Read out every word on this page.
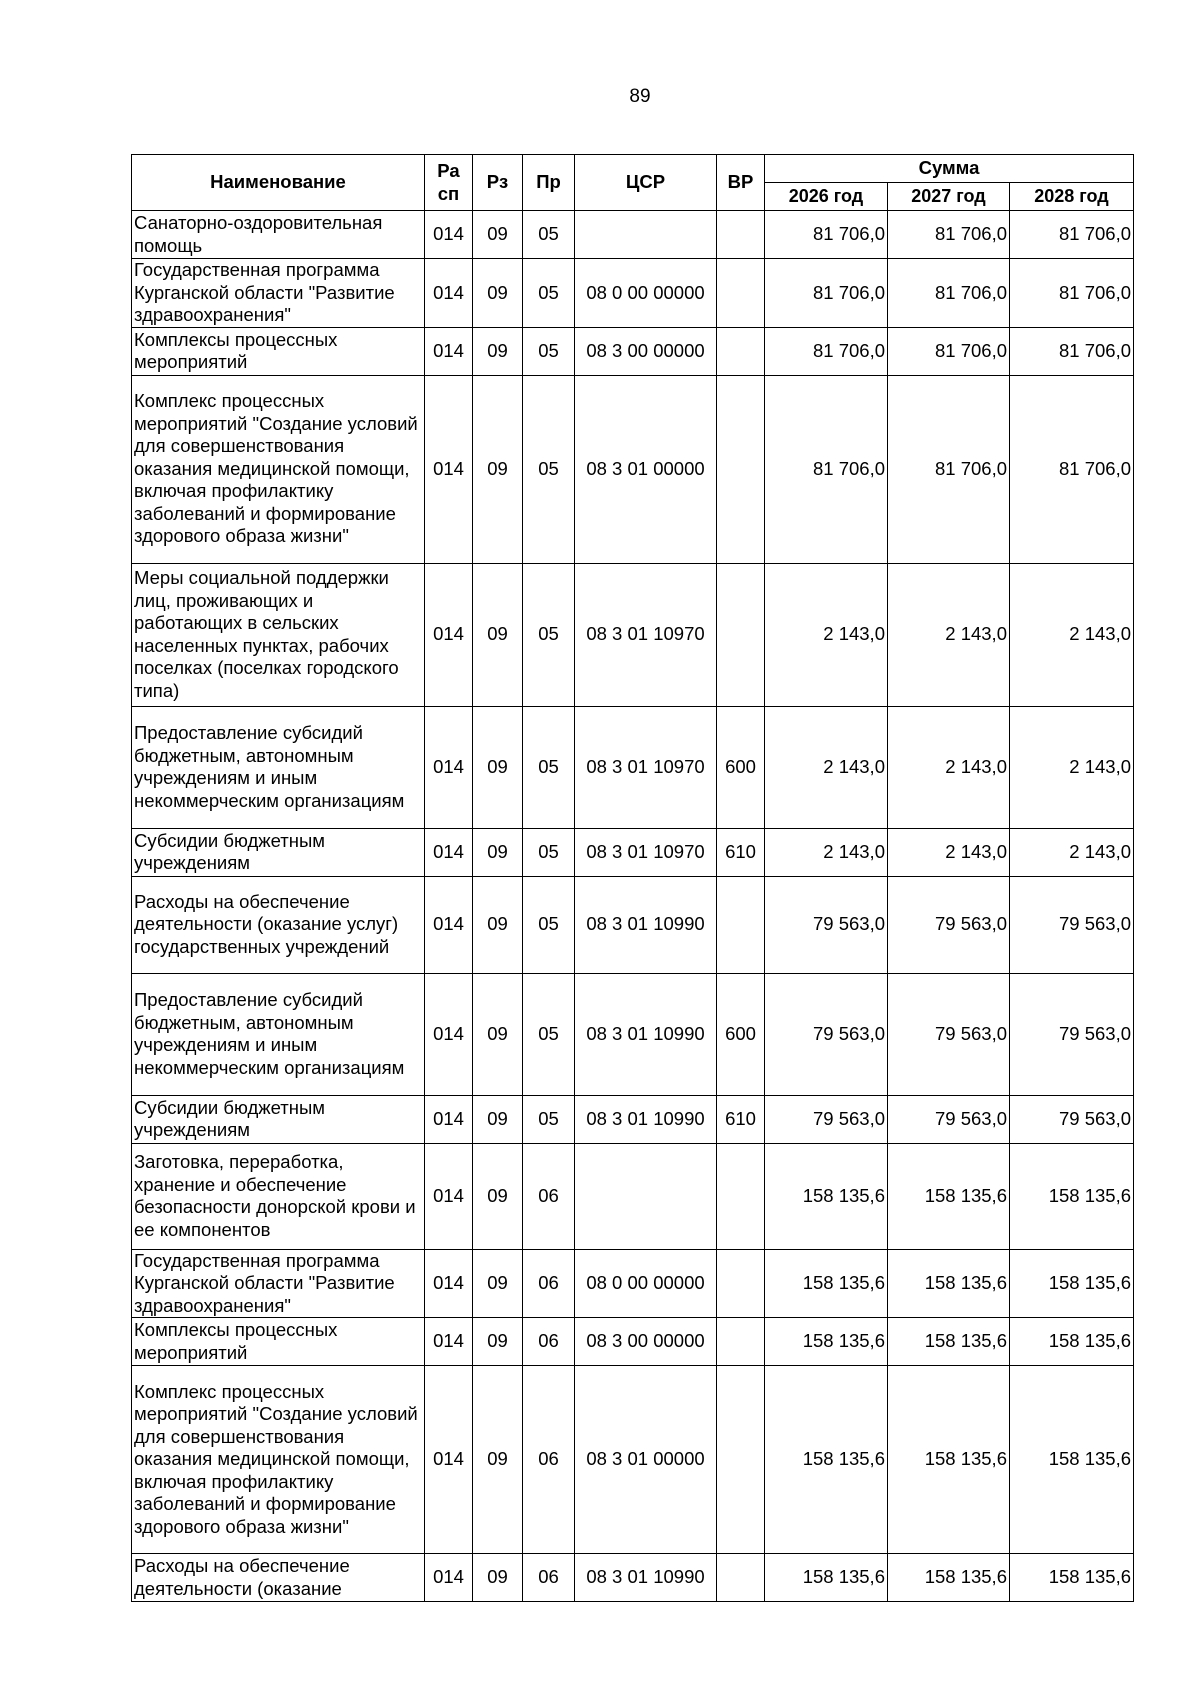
89
Наименование	Ра сп	Рз	Пр	ЦСР	ВР	Сумма		
						2026 год	2027 год	2028 год
Санаторно-оздоровительная помощь	014	09	05			81 706,0	81 706,0	81 706,0
Государственная программа Курганской области "Развитие здравоохранения"	014	09	05	08 0 00 00000		81 706,0	81 706,0	81 706,0
Комплексы процессных мероприятий	014	09	05	08 3 00 00000		81 706,0	81 706,0	81 706,0
Комплекс процессных мероприятий "Создание условий для совершенствования оказания медицинской помощи, включая профилактику заболеваний и формирование здорового образа жизни"	014	09	05	08 3 01 00000		81 706,0	81 706,0	81 706,0
Меры социальной поддержки лиц, проживающих и работающих в сельских населенных пунктах, рабочих поселках (поселках городского типа)	014	09	05	08 3 01 10970		2 143,0	2 143,0	2 143,0
Предоставление субсидий бюджетным, автономным учреждениям и иным некоммерческим организациям	014	09	05	08 3 01 10970	600	2 143,0	2 143,0	2 143,0
Субсидии бюджетным учреждениям	014	09	05	08 3 01 10970	610	2 143,0	2 143,0	2 143,0
Расходы на обеспечение деятельности (оказание услуг) государственных учреждений	014	09	05	08 3 01 10990		79 563,0	79 563,0	79 563,0
Предоставление субсидий бюджетным, автономным учреждениям и иным некоммерческим организациям	014	09	05	08 3 01 10990	600	79 563,0	79 563,0	79 563,0
Субсидии бюджетным учреждениям	014	09	05	08 3 01 10990	610	79 563,0	79 563,0	79 563,0
Заготовка, переработка, хранение и обеспечение безопасности донорской крови и ее компонентов	014	09	06			158 135,6	158 135,6	158 135,6
Государственная программа Курганской области "Развитие здравоохранения"	014	09	06	08 0 00 00000		158 135,6	158 135,6	158 135,6
Комплексы процессных мероприятий	014	09	06	08 3 00 00000		158 135,6	158 135,6	158 135,6
Комплекс процессных мероприятий "Создание условий для совершенствования оказания медицинской помощи, включая профилактику заболеваний и формирование здорового образа жизни"	014	09	06	08 3 01 00000		158 135,6	158 135,6	158 135,6
Расходы на обеспечение деятельности (оказание	014	09	06	08 3 01 10990		158 135,6	158 135,6	158 135,6
